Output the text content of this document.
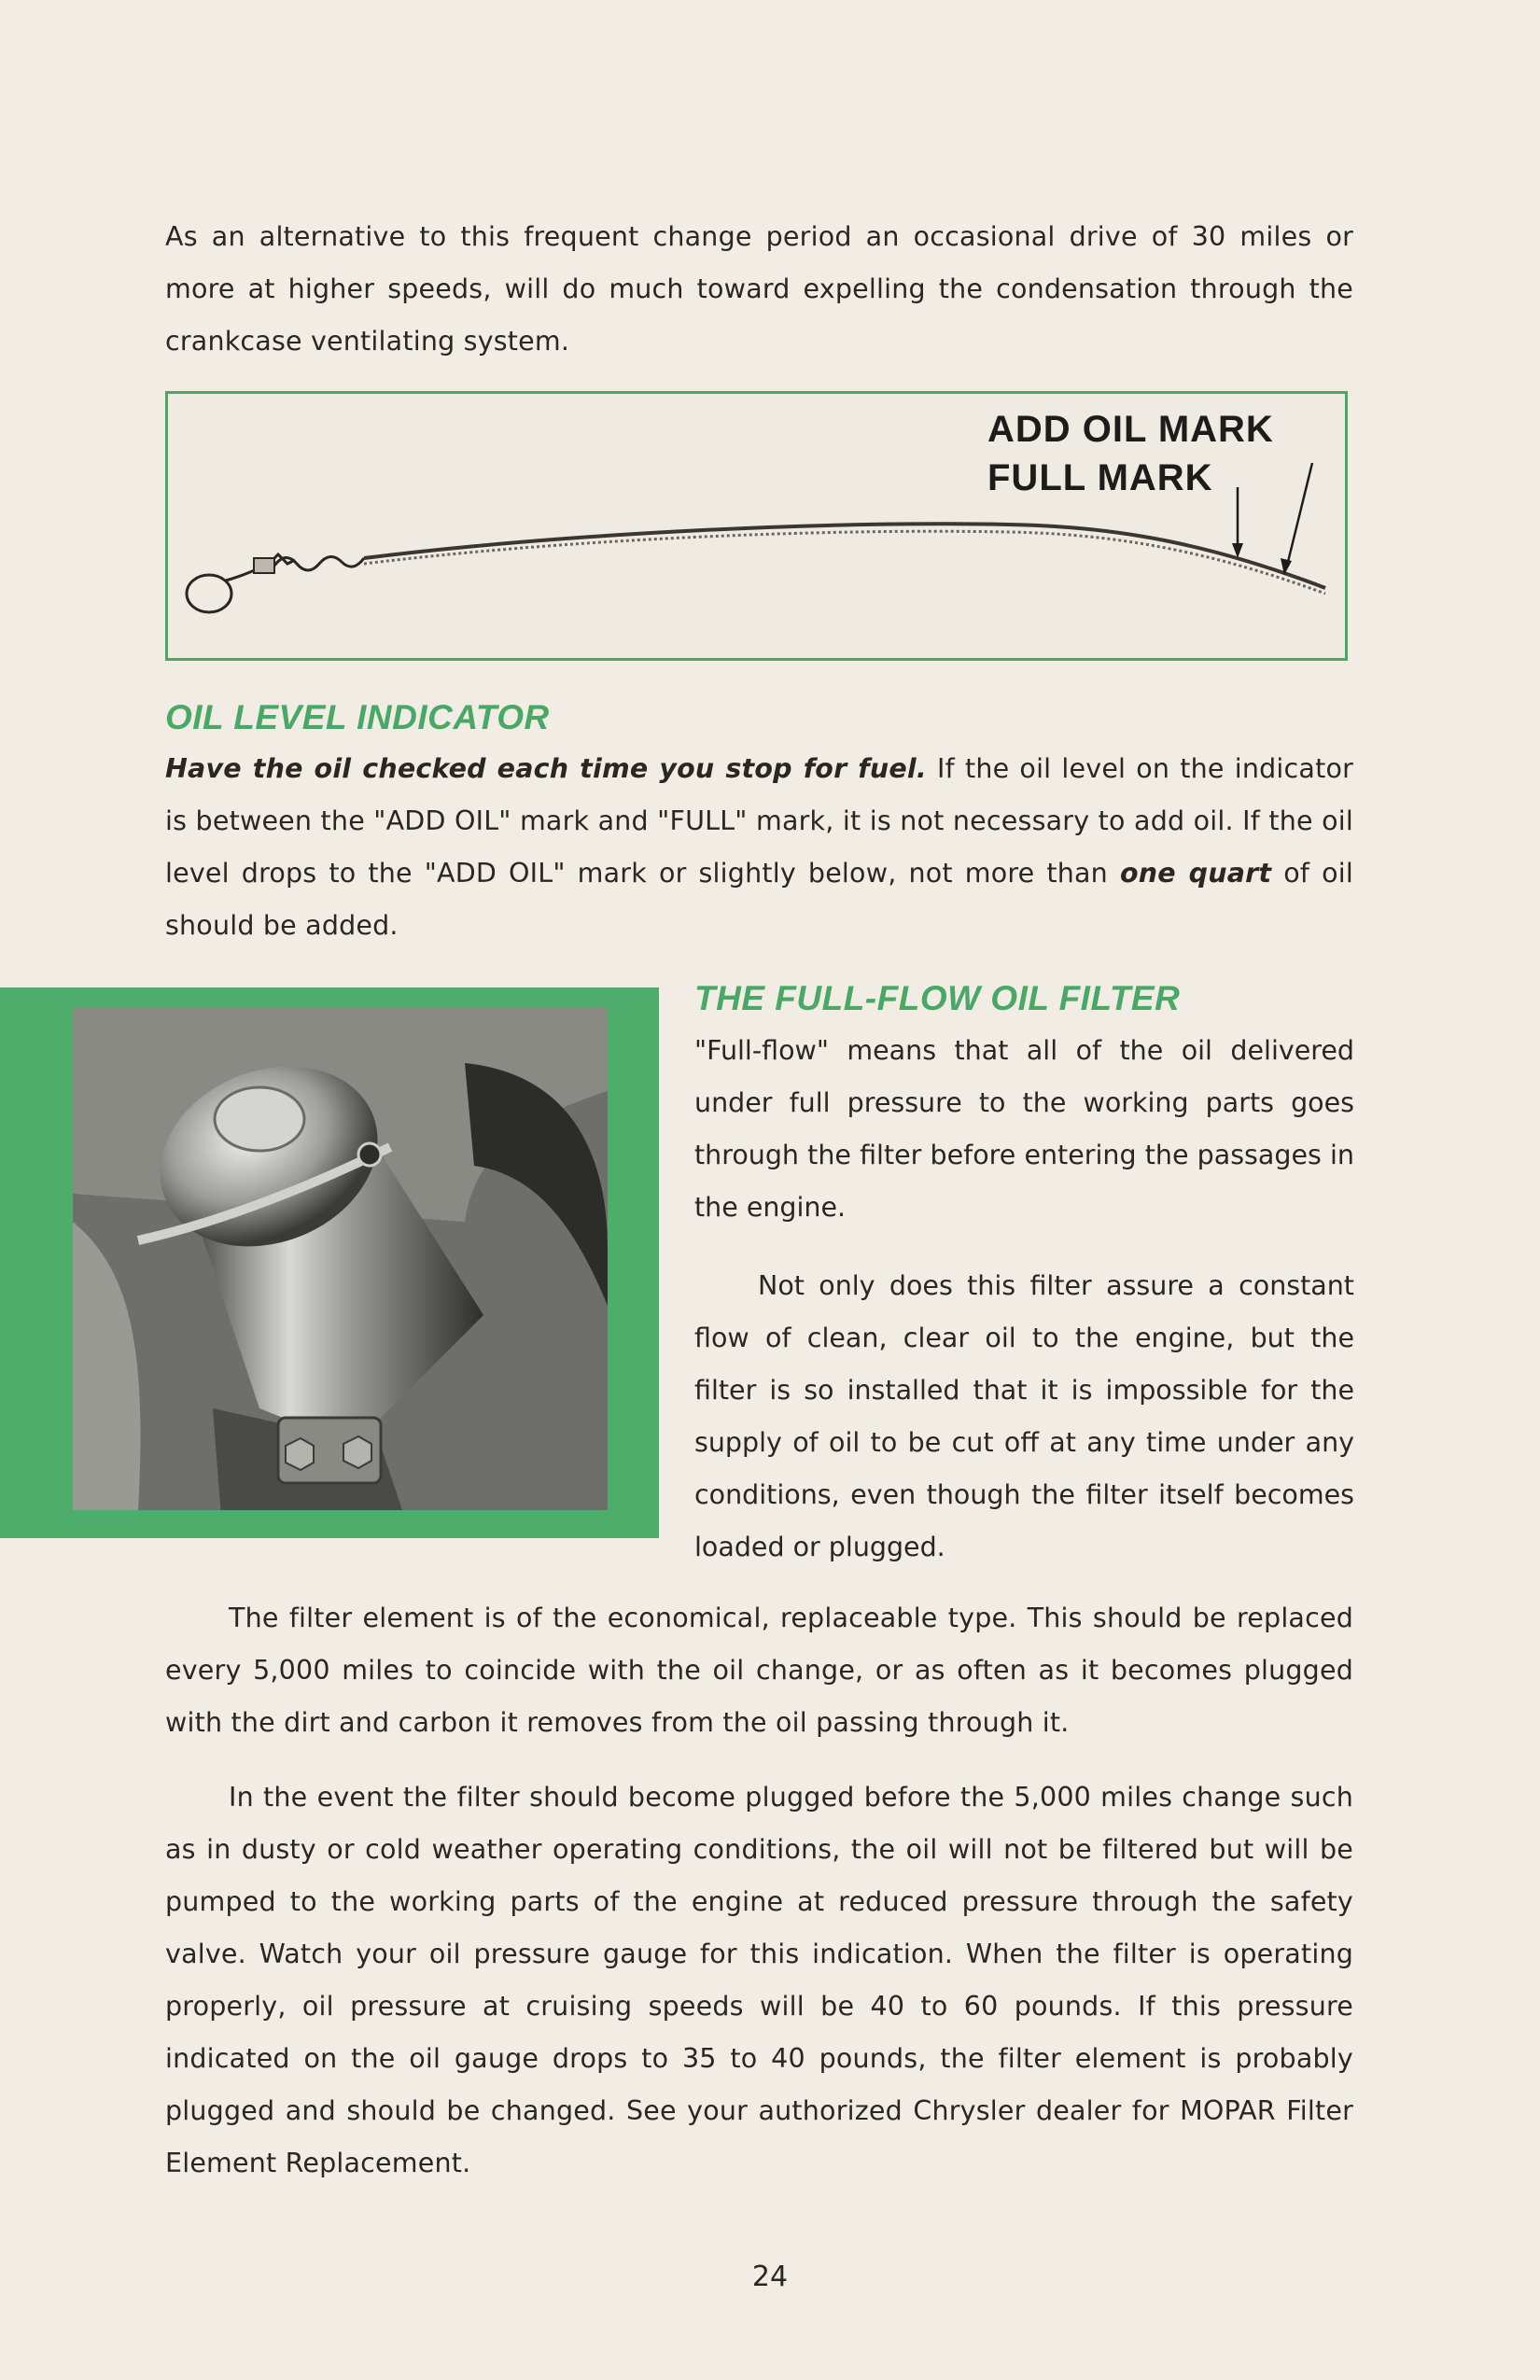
As an alternative to this frequent change period an occasional drive of 30 miles or more at higher speeds, will do much toward expelling the condensation through the crankcase ventilating system.

ADD OIL MARK
FULL MARK
OIL LEVEL INDICATOR

Have the oil checked each time you stop for fuel. If the oil level on the indicator is between the "ADD OIL" mark and "FULL" mark, it is not necessary to add oil. If the oil level drops to the "ADD OIL" mark or slightly below, not more than one quart of oil should be added.

THE FULL-FLOW OIL FILTER

"Full-flow" means that all of the oil delivered under full pressure to the working parts goes through the filter before entering the passages in the engine.

Not only does this filter assure a constant flow of clean, clear oil to the engine, but the filter is so installed that it is impossible for the supply of oil to be cut off at any time under any conditions, even though the filter itself becomes loaded or plugged.

The filter element is of the economical, replaceable type. This should be replaced every 5,000 miles to coincide with the oil change, or as often as it becomes plugged with the dirt and carbon it removes from the oil passing through it.

In the event the filter should become plugged before the 5,000 miles change such as in dusty or cold weather operating conditions, the oil will not be filtered but will be pumped to the working parts of the engine at reduced pressure through the safety valve. Watch your oil pressure gauge for this indication. When the filter is operating properly, oil pressure at cruising speeds will be 40 to 60 pounds. If this pressure indicated on the oil gauge drops to 35 to 40 pounds, the filter element is probably plugged and should be changed. See your authorized Chrysler dealer for MOPAR Filter Element Replacement.

24
